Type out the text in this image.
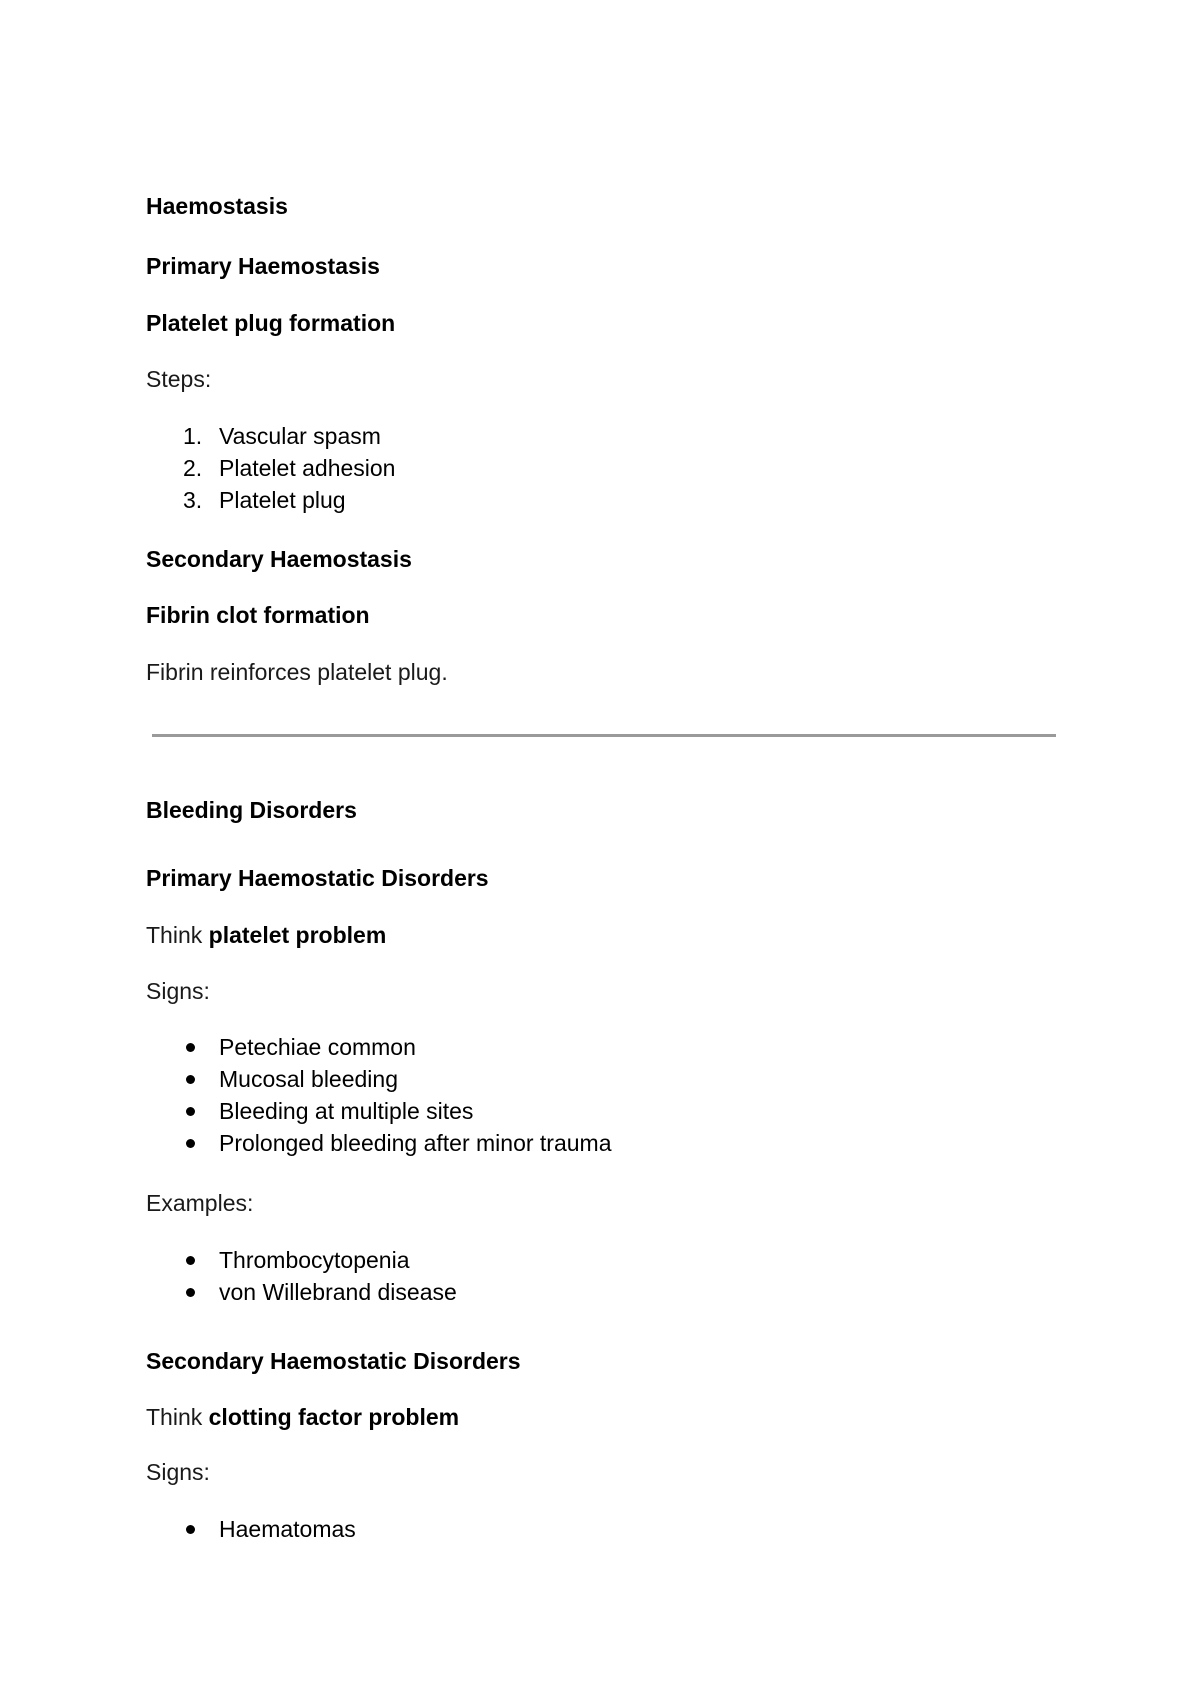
Haemostasis

Primary Haemostasis

Platelet plug formation

Steps:

1. Vascular spasm
2. Platelet adhesion
3. Platelet plug

Secondary Haemostasis

Fibrin clot formation

Fibrin reinforces platelet plug.

Bleeding Disorders

Primary Haemostatic Disorders

Think platelet problem

Signs:

Petechiae common
Mucosal bleeding
Bleeding at multiple sites
Prolonged bleeding after minor trauma

Examples:

Thrombocytopenia
von Willebrand disease

Secondary Haemostatic Disorders

Think clotting factor problem

Signs:

Haematomas
